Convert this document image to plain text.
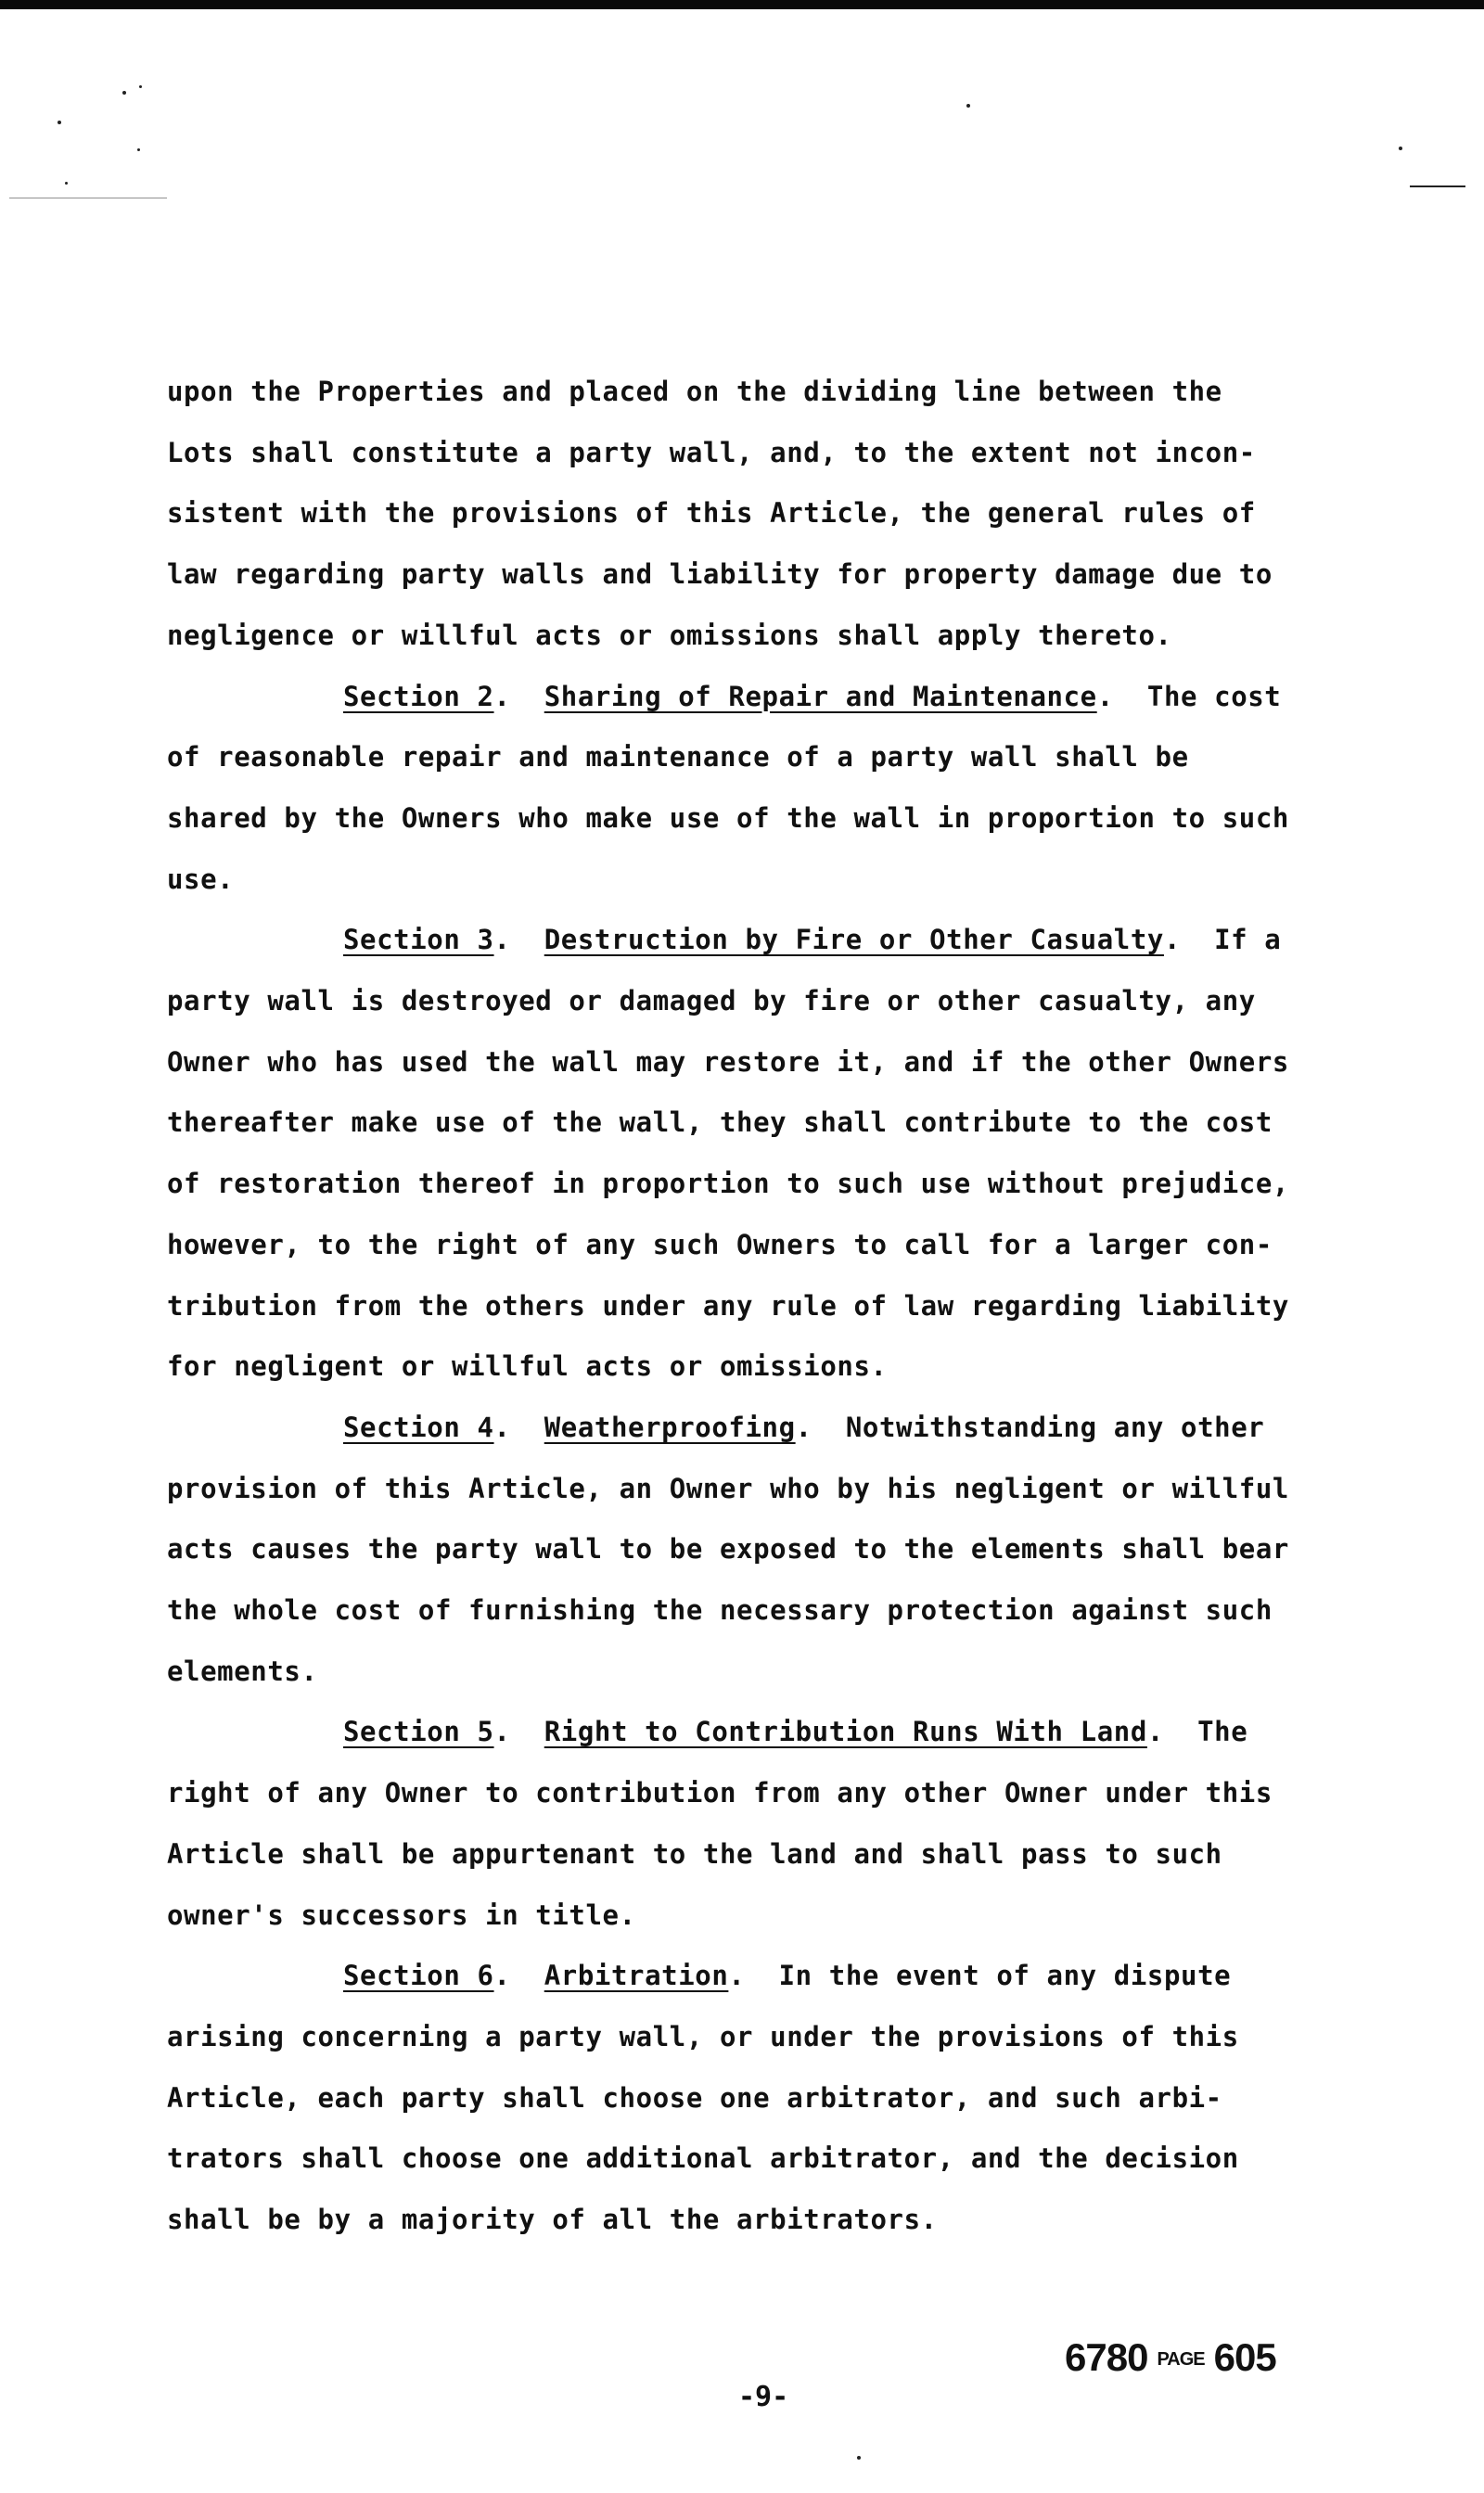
upon the Properties and placed on the dividing line between the
Lots shall constitute a party wall, and, to the extent not incon-
sistent with the provisions of this Article, the general rules of
law regarding party walls and liability for property damage due to
negligence or willful acts or omissions shall apply thereto.

Section 2.  Sharing of Repair and Maintenance.  The cost
of reasonable repair and maintenance of a party wall shall be
shared by the Owners who make use of the wall in proportion to such
use.

Section 3.  Destruction by Fire or Other Casualty.  If a
party wall is destroyed or damaged by fire or other casualty, any
Owner who has used the wall may restore it, and if the other Owners
thereafter make use of the wall, they shall contribute to the cost
of restoration thereof in proportion to such use without prejudice,
however, to the right of any such Owners to call for a larger con-
tribution from the others under any rule of law regarding liability
for negligent or willful acts or omissions.

Section 4.  Weatherproofing.  Notwithstanding any other
provision of this Article, an Owner who by his negligent or willful
acts causes the party wall to be exposed to the elements shall bear
the whole cost of furnishing the necessary protection against such
elements.

Section 5.  Right to Contribution Runs With Land.  The
right of any Owner to contribution from any other Owner under this
Article shall be appurtenant to the land and shall pass to such
owner's successors in title.

Section 6.  Arbitration.  In the event of any dispute
arising concerning a party wall, or under the provisions of this
Article, each party shall choose one arbitrator, and such arbi-
trators shall choose one additional arbitrator, and the decision
shall be by a majority of all the arbitrators.

6780 PAGE 605
-9-
